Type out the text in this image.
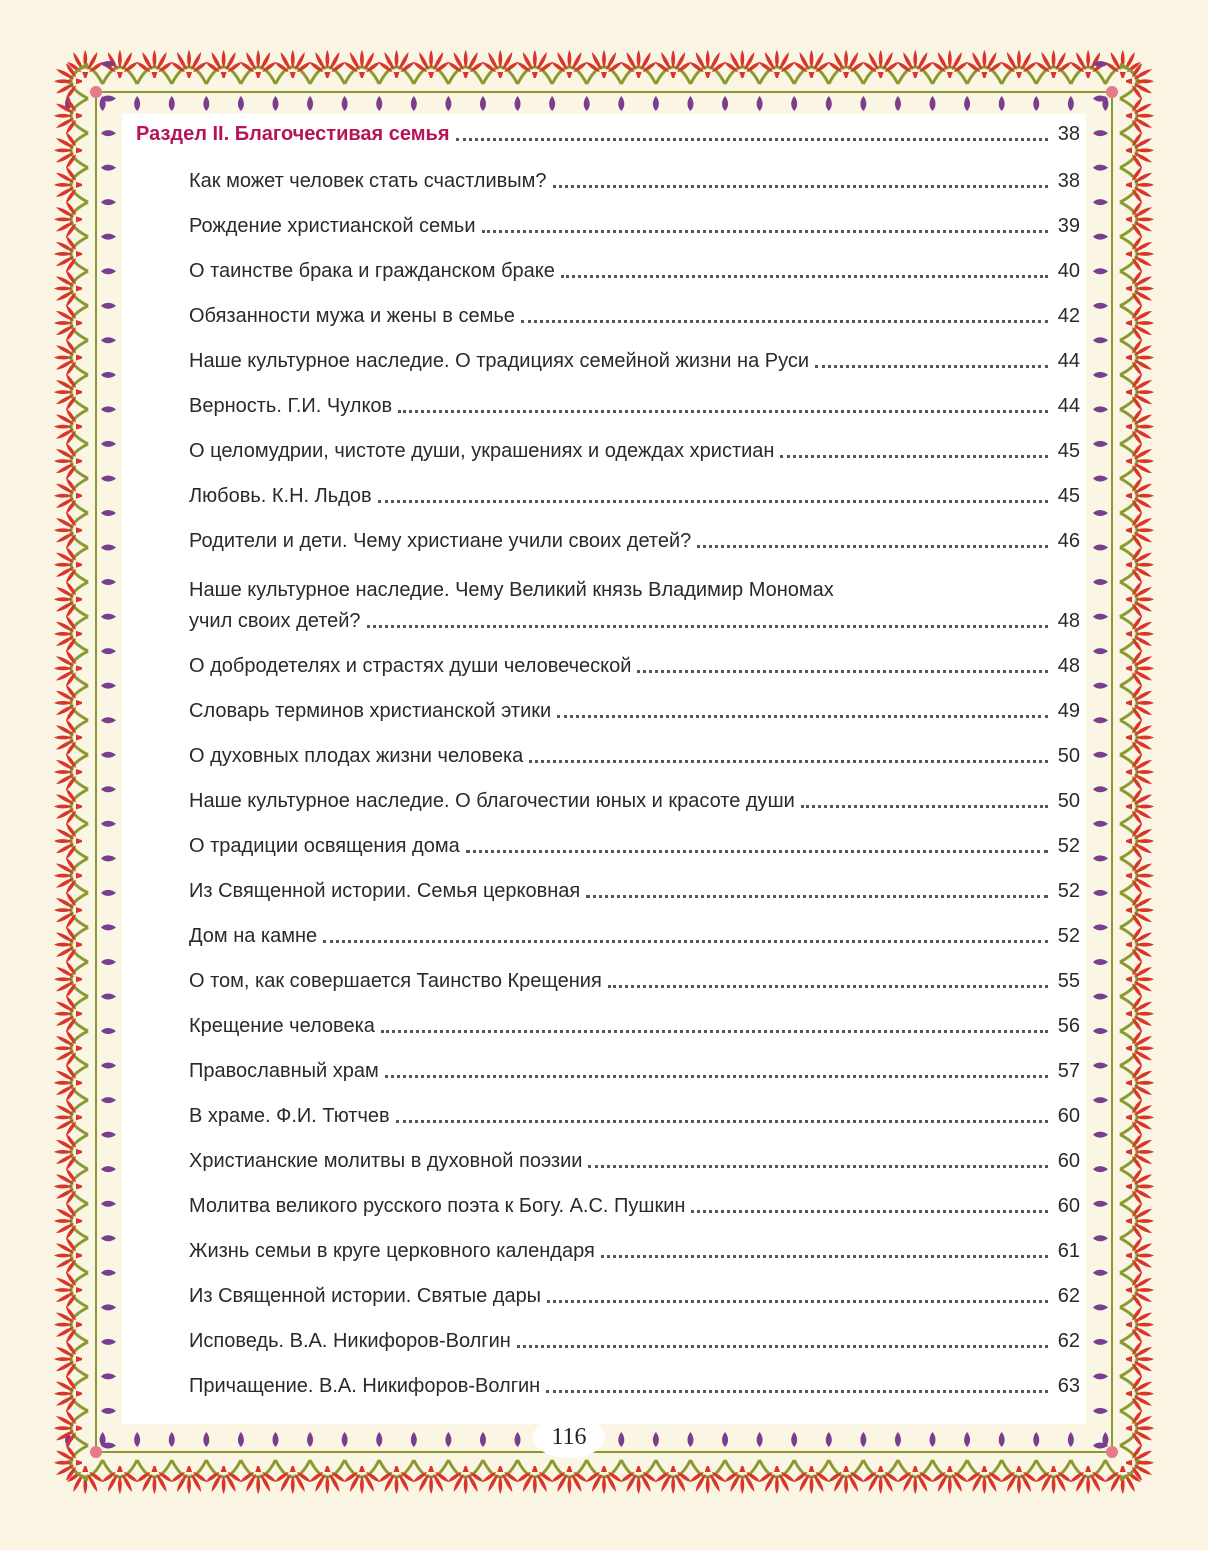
Раздел II. Благочестивая семья	38
Как может человек стать счастливым?	38
Рождение христианской семьи	39
О таинстве брака и гражданском браке	40
Обязанности мужа и жены в семье	42
Наше культурное наследие. О традициях семейной жизни на Руси	44
Верность. Г.И. Чулков	44
О целомудрии, чистоте души, украшениях и одеждах христиан	45
Любовь. К.Н. Льдов	45
Родители и дети. Чему христиане учили своих детей?	46
Наше культурное наследие. Чему Великий князь Владимир Мономах
учил своих детей?	48
О добродетелях и страстях души человеческой	48
Словарь терминов христианской этики	49
О духовных плодах жизни человека	50
Наше культурное наследие. О благочестии юных и красоте души	50
О традиции освящения дома	52
Из Священной истории. Семья церковная	52
Дом на камне	52
О том, как совершается Таинство Крещения	55
Крещение человека	56
Православный храм	57
В храме. Ф.И. Тютчев	60
Христианские молитвы в духовной поэзии	60
Молитва великого русского поэта к Богу. А.С. Пушкин	60
Жизнь семьи в круге церковного календаря	61
Из Священной истории. Святые дары	62
Исповедь. В.А. Никифоров-Волгин	62
Причащение. В.А. Никифоров-Волгин	63
116
